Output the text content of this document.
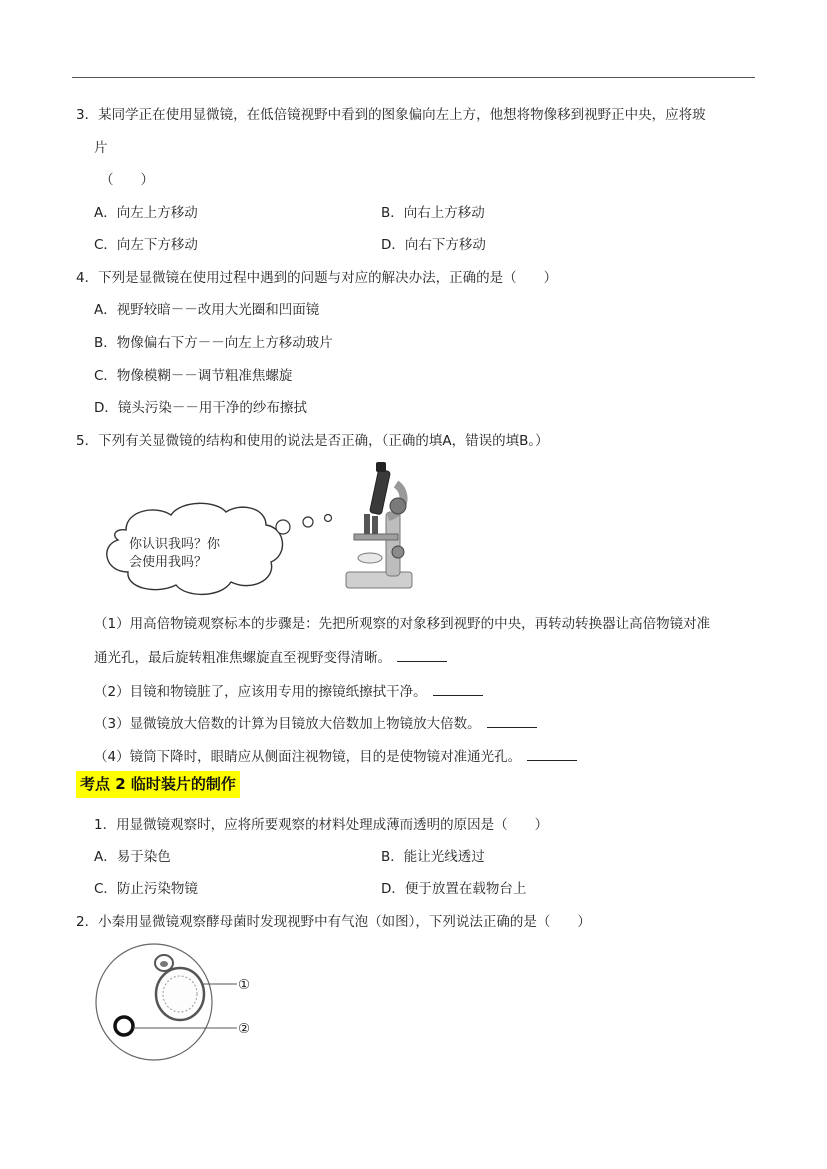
3．某同学正在使用显微镜，在低倍镜视野中看到的图象偏向左上方，他想将物像移到视野正中央，应将玻
片
（　　）
A．向左上方移动	B．向右上方移动
C．向左下方移动	D．向右下方移动
4．下列是显微镜在使用过程中遇到的问题与对应的解决办法，正确的是（　　）
A．视野较暗－－改用大光圈和凹面镜
B．物像偏右下方－－向左上方移动玻片
C．物像模糊－－调节粗准焦螺旋
D．镜头污染－－用干净的纱布擦拭
5．下列有关显微镜的结构和使用的说法是否正确，（正确的填A，错误的填B。）
你认识我吗？你
会使用我吗？
（1）用高倍物镜观察标本的步骤是：先把所观察的对象移到视野的中央，再转动转换器让高倍物镜对准
通光孔，最后旋转粗准焦螺旋直至视野变得清晰。
（2）目镜和物镜脏了，应该用专用的擦镜纸擦拭干净。
（3）显微镜放大倍数的计算为目镜放大倍数加上物镜放大倍数。
（4）镜筒下降时，眼睛应从侧面注视物镜，目的是使物镜对准通光孔。
考点 2 临时装片的制作
1．用显微镜观察时，应将所要观察的材料处理成薄而透明的原因是（　　）
A．易于染色	B．能让光线透过
C．防止污染物镜	D．便于放置在载物台上
2．小秦用显微镜观察酵母菌时发现视野中有气泡（如图），下列说法正确的是（　　）
①
②
